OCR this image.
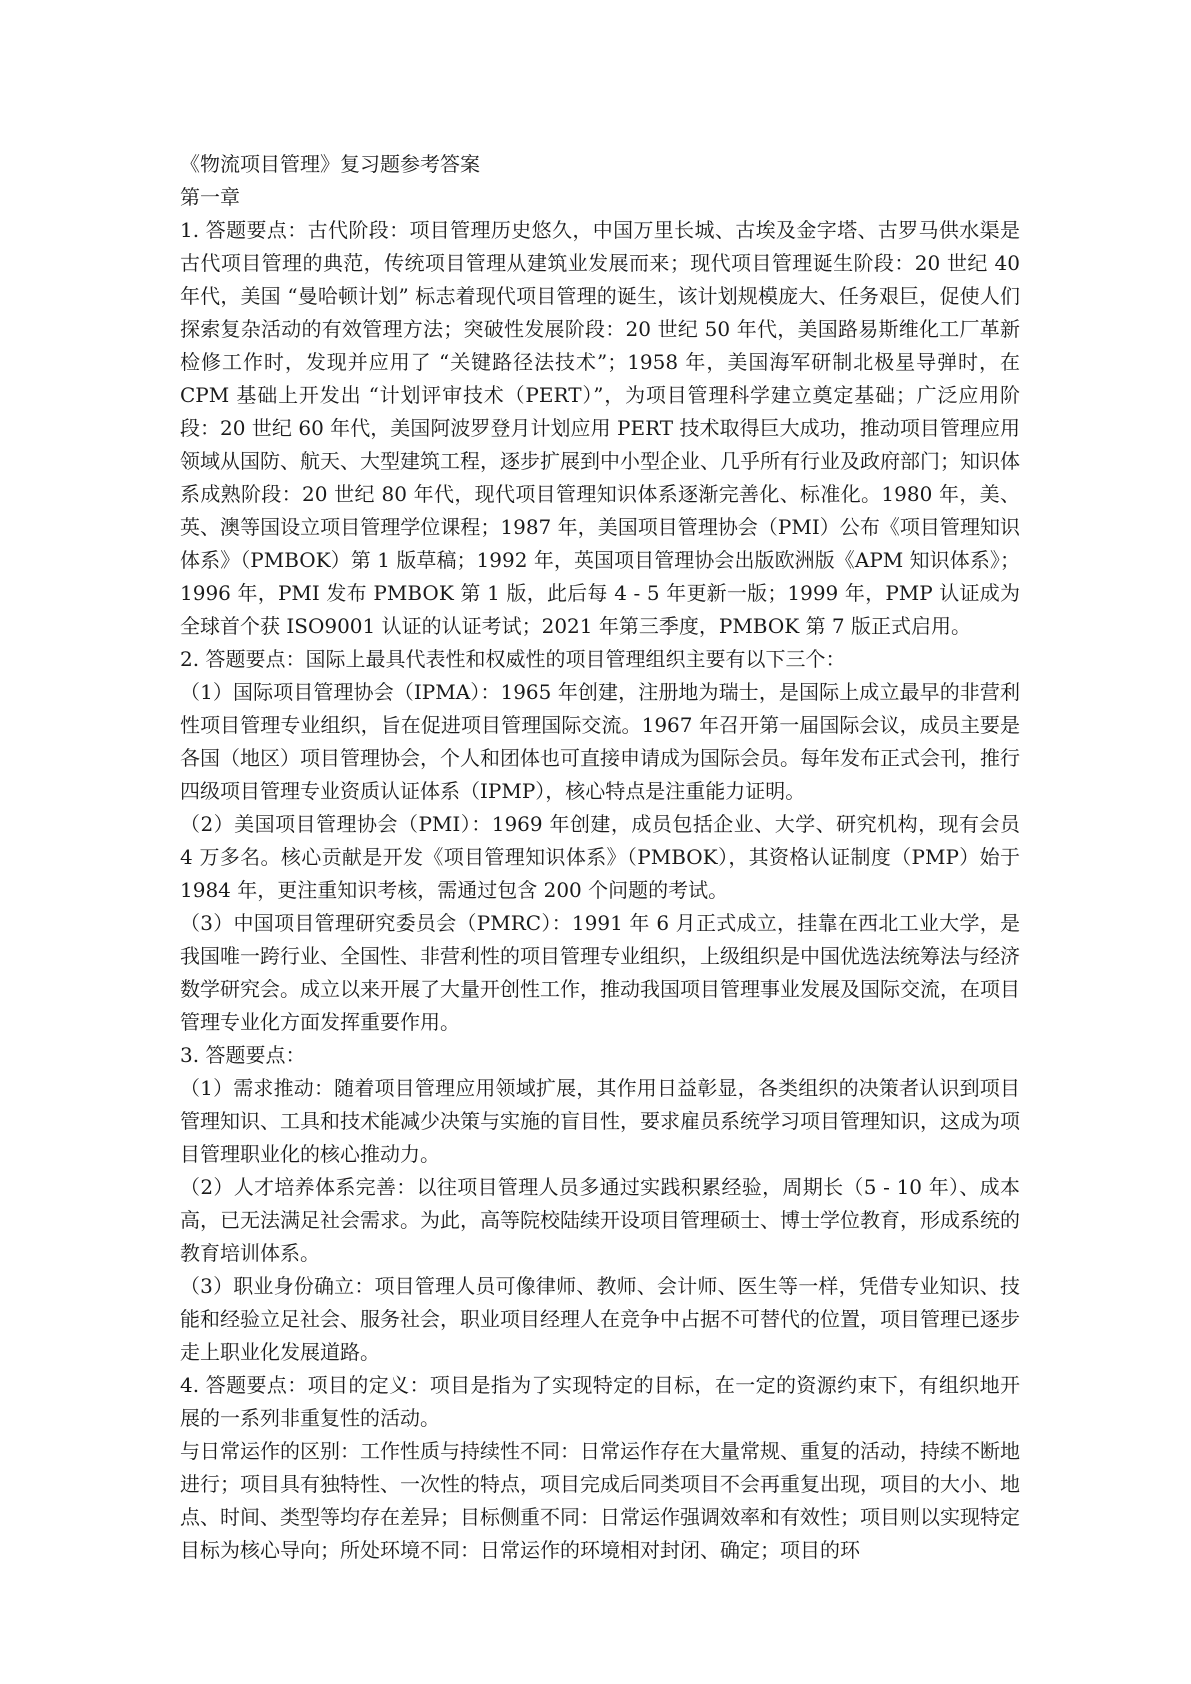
《物流项目管理》复习题参考答案

第一章

1. 答题要点：古代阶段：项目管理历史悠久，中国万里长城、古埃及金字塔、古罗马供水渠是古代项目管理的典范，传统项目管理从建筑业发展而来；现代项目管理诞生阶段：20 世纪 40 年代，美国 “曼哈顿计划” 标志着现代项目管理的诞生，该计划规模庞大、任务艰巨，促使人们探索复杂活动的有效管理方法；突破性发展阶段：20 世纪 50 年代，美国路易斯维化工厂革新检修工作时，发现并应用了 “关键路径法技术”；1958 年，美国海军研制北极星导弹时，在 CPM 基础上开发出 “计划评审技术（PERT）”，为项目管理科学建立奠定基础；广泛应用阶段：20 世纪 60 年代，美国阿波罗登月计划应用 PERT 技术取得巨大成功，推动项目管理应用领域从国防、航天、大型建筑工程，逐步扩展到中小型企业、几乎所有行业及政府部门；知识体系成熟阶段：20 世纪 80 年代，现代项目管理知识体系逐渐完善化、标准化。1980 年，美、英、澳等国设立项目管理学位课程；1987 年，美国项目管理协会（PMI）公布《项目管理知识体系》（PMBOK）第 1 版草稿；1992 年，英国项目管理协会出版欧洲版《APM 知识体系》；1996 年，PMI 发布 PMBOK 第 1 版，此后每 4 - 5 年更新一版；1999 年，PMP 认证成为全球首个获 ISO9001 认证的认证考试；2021 年第三季度，PMBOK 第 7 版正式启用。

2. 答题要点：国际上最具代表性和权威性的项目管理组织主要有以下三个：

（1）国际项目管理协会（IPMA）：1965 年创建，注册地为瑞士，是国际上成立最早的非营利性项目管理专业组织，旨在促进项目管理国际交流。1967 年召开第一届国际会议，成员主要是各国（地区）项目管理协会，个人和团体也可直接申请成为国际会员。每年发布正式会刊，推行四级项目管理专业资质认证体系（IPMP），核心特点是注重能力证明。

（2）美国项目管理协会（PMI）：1969 年创建，成员包括企业、大学、研究机构，现有会员 4 万多名。核心贡献是开发《项目管理知识体系》（PMBOK），其资格认证制度（PMP）始于 1984 年，更注重知识考核，需通过包含 200 个问题的考试。

（3）中国项目管理研究委员会（PMRC）：1991 年 6 月正式成立，挂靠在西北工业大学，是我国唯一跨行业、全国性、非营利性的项目管理专业组织，上级组织是中国优选法统筹法与经济数学研究会。成立以来开展了大量开创性工作，推动我国项目管理事业发展及国际交流，在项目管理专业化方面发挥重要作用。

3. 答题要点：

（1）需求推动：随着项目管理应用领域扩展，其作用日益彰显，各类组织的决策者认识到项目管理知识、工具和技术能减少决策与实施的盲目性，要求雇员系统学习项目管理知识，这成为项目管理职业化的核心推动力。

（2）人才培养体系完善：以往项目管理人员多通过实践积累经验，周期长（5 - 10 年）、成本高，已无法满足社会需求。为此，高等院校陆续开设项目管理硕士、博士学位教育，形成系统的教育培训体系。

（3）职业身份确立：项目管理人员可像律师、教师、会计师、医生等一样，凭借专业知识、技能和经验立足社会、服务社会，职业项目经理人在竞争中占据不可替代的位置，项目管理已逐步走上职业化发展道路。

4. 答题要点：项目的定义：项目是指为了实现特定的目标，在一定的资源约束下，有组织地开展的一系列非重复性的活动。

与日常运作的区别：工作性质与持续性不同：日常运作存在大量常规、重复的活动，持续不断地进行；项目具有独特性、一次性的特点，项目完成后同类项目不会再重复出现，项目的大小、地点、时间、类型等均存在差异；目标侧重不同：日常运作强调效率和有效性；项目则以实现特定目标为核心导向；所处环境不同：日常运作的环境相对封闭、确定；项目的环
